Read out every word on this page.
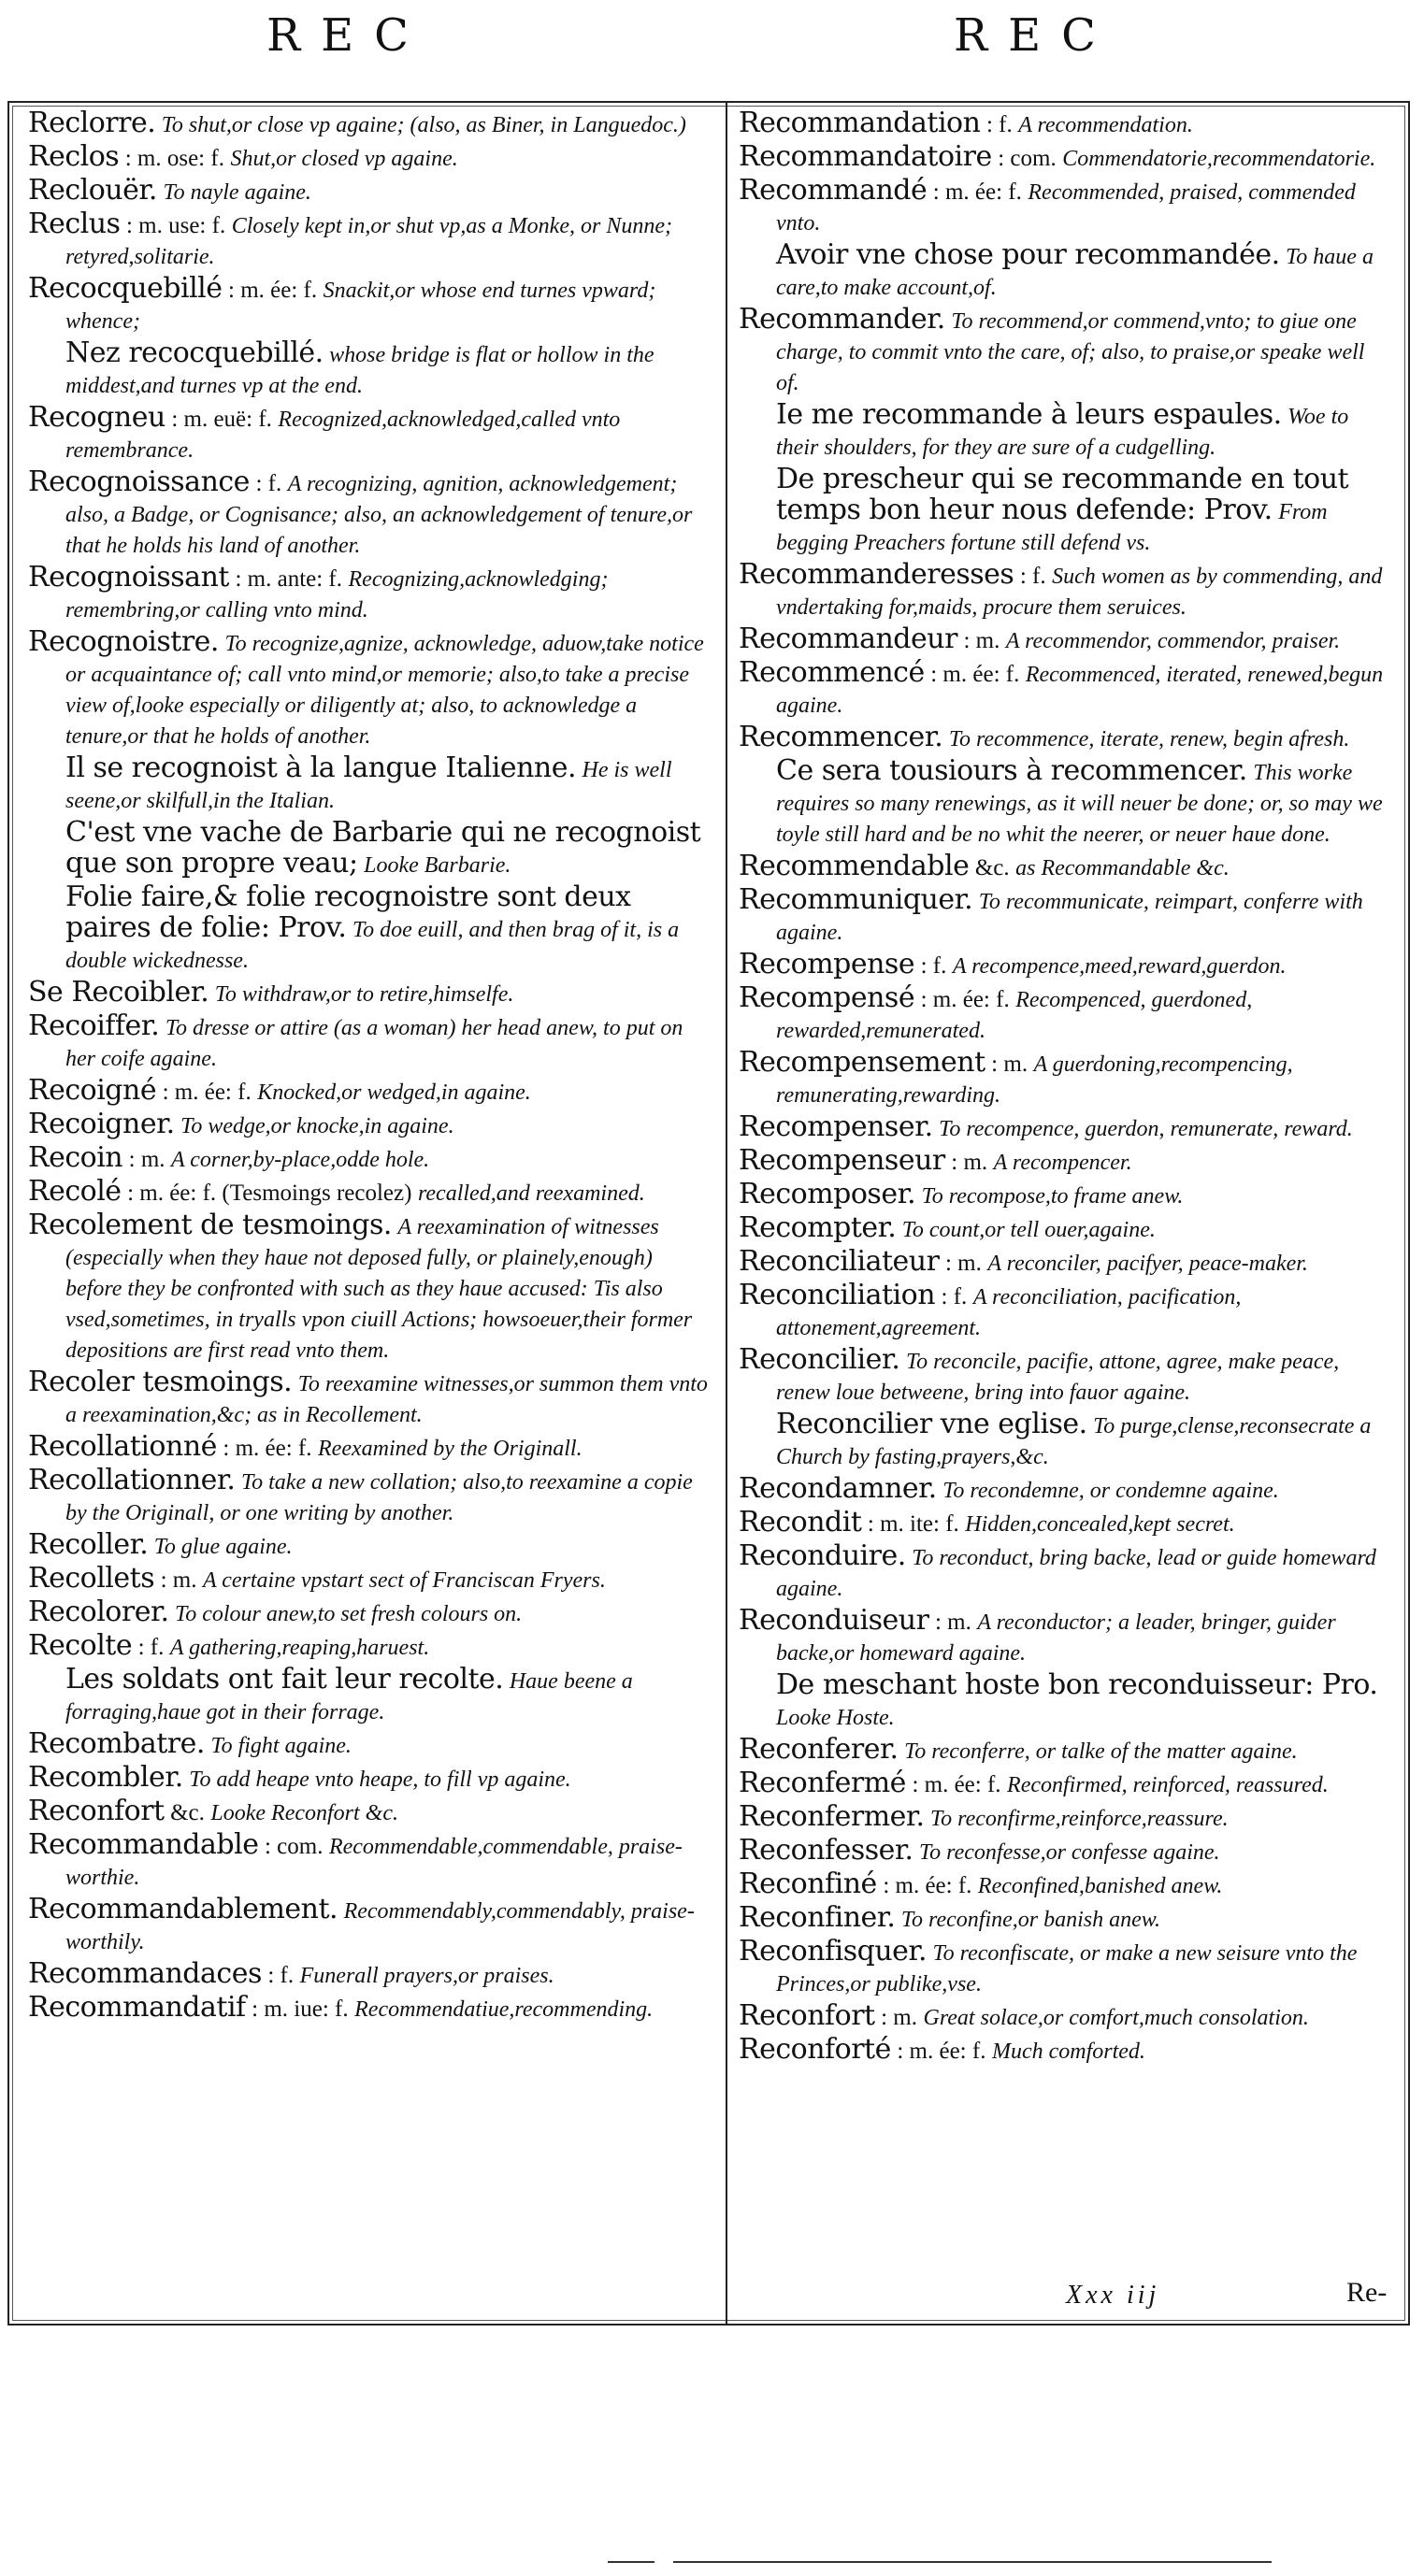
REC	REC

Reclorre. To shut,or close vp againe; (also, as Biner, in Languedoc.)

Reclos : m. ose: f. Shut,or closed vp againe.

Reclouër. To nayle againe.

Reclus : m. use: f. Closely kept in,or shut vp,as a Monke, or Nunne; retyred,solitarie.

Recocquebillé : m. ée: f. Snackit,or whose end turnes vpward; whence;

Nez recocquebillé. whose bridge is flat or hollow in the middest,and turnes vp at the end.

Recogneu : m. euë: f. Recognized,acknowledged,called vnto remembrance.

Recognoissance : f. A recognizing, agnition, acknowledgement; also, a Badge, or Cognisance; also, an acknowledgement of tenure,or that he holds his land of another.

Recognoissant : m. ante: f. Recognizing,acknowledging; remembring,or calling vnto mind.

Recognoistre. To recognize,agnize, acknowledge, aduow,take notice or acquaintance of; call vnto mind,or memorie; also,to take a precise view of,looke especially or diligently at; also, to acknowledge a tenure,or that he holds of another.

Il se recognoist à la langue Italienne. He is well seene,or skilfull,in the Italian.

C'est vne vache de Barbarie qui ne recognoist que son propre veau; Looke Barbarie.

Folie faire,& folie recognoistre sont deux paires de folie: Prov. To doe euill, and then brag of it, is a double wickednesse.

Se Recoibler. To withdraw,or to retire,himselfe.

Recoiffer. To dresse or attire (as a woman) her head anew, to put on her coife againe.

Recoigné : m. ée: f. Knocked,or wedged,in againe.

Recoigner. To wedge,or knocke,in againe.

Recoin : m. A corner,by-place,odde hole.

Recolé : m. ée: f. (Tesmoings recolez) recalled,and reexamined.

Recolement de tesmoings. A reexamination of witnesses (especially when they haue not deposed fully, or plainely,enough) before they be confronted with such as they haue accused: Tis also vsed,sometimes, in tryalls vpon ciuill Actions; howsoeuer,their former depositions are first read vnto them.

Recoler tesmoings. To reexamine witnesses,or summon them vnto a reexamination,&c; as in Recollement.

Recollationné : m. ée: f. Reexamined by the Originall.

Recollationner. To take a new collation; also,to reexamine a copie by the Originall, or one writing by another.

Recoller. To glue againe.

Recollets : m. A certaine vpstart sect of Franciscan Fryers.

Recolorer. To colour anew,to set fresh colours on.

Recolte : f. A gathering,reaping,haruest.

Les soldats ont fait leur recolte. Haue beene a forraging,haue got in their forrage.

Recombatre. To fight againe.

Recombler. To add heape vnto heape, to fill vp againe.

Reconfort &c. Looke Reconfort &c.

Recommandable : com. Recommendable,commendable, praise-worthie.

Recommandablement. Recommendably,commendably, praise-worthily.

Recommandaces : f. Funerall prayers,or praises.

Recommandatif : m. iue: f. Recommendatiue,recommending.

Recommandation : f. A recommendation.

Recommandatoire : com. Commendatorie,recommendatorie.

Recommandé : m. ée: f. Recommended, praised, commended vnto.

Avoir vne chose pour recommandée. To haue a care,to make account,of.

Recommander. To recommend,or commend,vnto; to giue one charge, to commit vnto the care, of; also, to praise,or speake well of.

Ie me recommande à leurs espaules. Woe to their shoulders, for they are sure of a cudgelling.

De prescheur qui se recommande en tout temps bon heur nous defende: Prov. From begging Preachers fortune still defend vs.

Recommanderesses : f. Such women as by commending, and vndertaking for,maids, procure them seruices.

Recommandeur : m. A recommendor, commendor, praiser.

Recommencé : m. ée: f. Recommenced, iterated, renewed,begun againe.

Recommencer. To recommence, iterate, renew, begin afresh.

Ce sera tousiours à recommencer. This worke requires so many renewings, as it will neuer be done; or, so may we toyle still hard and be no whit the neerer, or neuer haue done.

Recommendable &c. as Recommandable &c.

Recommuniquer. To recommunicate, reimpart, conferre with againe.

Recompense : f. A recompence,meed,reward,guerdon.

Recompensé : m. ée: f. Recompenced, guerdoned, rewarded,remunerated.

Recompensement : m. A guerdoning,recompencing, remunerating,rewarding.

Recompenser. To recompence, guerdon, remunerate, reward.

Recompenseur : m. A recompencer.

Recomposer. To recompose,to frame anew.

Recompter. To count,or tell ouer,againe.

Reconciliateur : m. A reconciler, pacifyer, peace-maker.

Reconciliation : f. A reconciliation, pacification, attonement,agreement.

Reconcilier. To reconcile, pacifie, attone, agree, make peace, renew loue betweene, bring into fauor againe.

Reconcilier vne eglise. To purge,clense,reconsecrate a Church by fasting,prayers,&c.

Recondamner. To recondemne, or condemne againe.

Recondit : m. ite: f. Hidden,concealed,kept secret.

Reconduire. To reconduct, bring backe, lead or guide homeward againe.

Reconduiseur : m. A reconductor; a leader, bringer, guider backe,or homeward againe.

De meschant hoste bon reconduisseur: Pro. Looke Hoste.

Reconferer. To reconferre, or talke of the matter againe.

Reconfermé : m. ée: f. Reconfirmed, reinforced, reassured.

Reconfermer. To reconfirme,reinforce,reassure.

Reconfesser. To reconfesse,or confesse againe.

Reconfiné : m. ée: f. Reconfined,banished anew.

Reconfiner. To reconfine,or banish anew.

Reconfisquer. To reconfiscate, or make a new seisure vnto the Princes,or publike,vse.

Reconfort : m. Great solace,or comfort,much consolation.

Reconforté : m. ée: f. Much comforted.

Xxx iij	Re-
